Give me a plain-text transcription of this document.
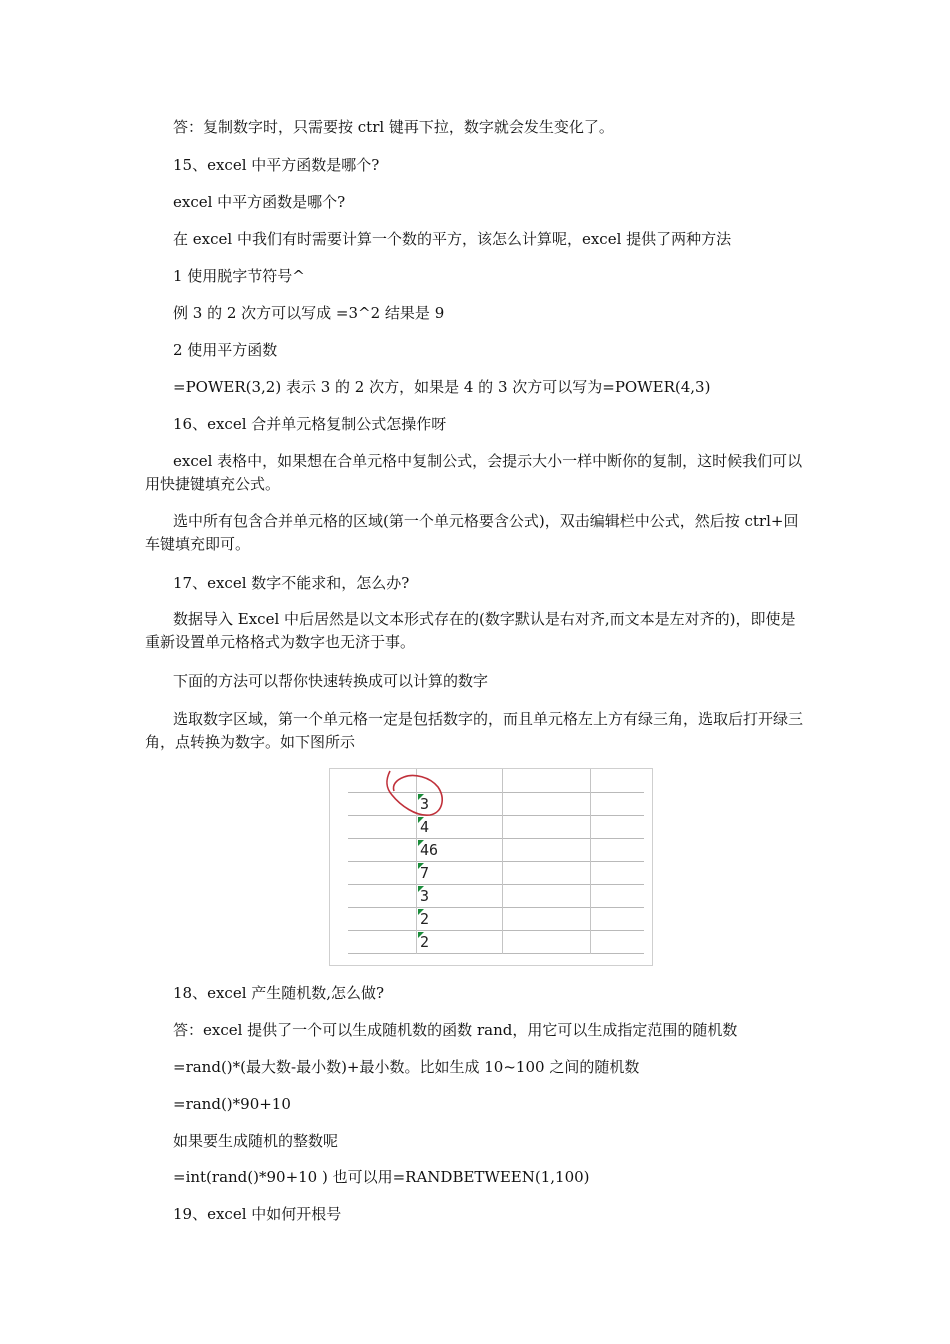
答：复制数字时，只需要按 ctrl 键再下拉，数字就会发生变化了。

15、excel 中平方函数是哪个?

excel 中平方函数是哪个?

在 excel 中我们有时需要计算一个数的平方，该怎么计算呢，excel 提供了两种方法

1 使用脱字节符号^

例 3 的 2 次方可以写成 =3^2 结果是 9

2 使用平方函数

=POWER(3,2) 表示 3 的 2 次方，如果是 4 的 3 次方可以写为=POWER(4,3)

16、excel 合并单元格复制公式怎操作呀

excel 表格中，如果想在合单元格中复制公式，会提示大小一样中断你的复制，这时候我们可以用快捷键填充公式。

选中所有包含合并单元格的区域(第一个单元格要含公式)，双击编辑栏中公式，然后按 ctrl+回车键填充即可。

17、excel 数字不能求和，怎么办?

数据导入 Excel 中后居然是以文本形式存在的(数字默认是右对齐,而文本是左对齐的)，即使是重新设置单元格格式为数字也无济于事。

下面的方法可以帮你快速转换成可以计算的数字

选取数字区域，第一个单元格一定是包括数字的，而且单元格左上方有绿三角，选取后打开绿三角，点转换为数字。如下图所示

3
4
46
7
3
2
2

18、excel 产生随机数,怎么做?

答：excel 提供了一个可以生成随机数的函数 rand，用它可以生成指定范围的随机数

=rand()*(最大数-最小数)+最小数。比如生成 10~100 之间的随机数

=rand()*90+10

如果要生成随机的整数呢

=int(rand()*90+10 ) 也可以用=RANDBETWEEN(1,100)

19、excel 中如何开根号
